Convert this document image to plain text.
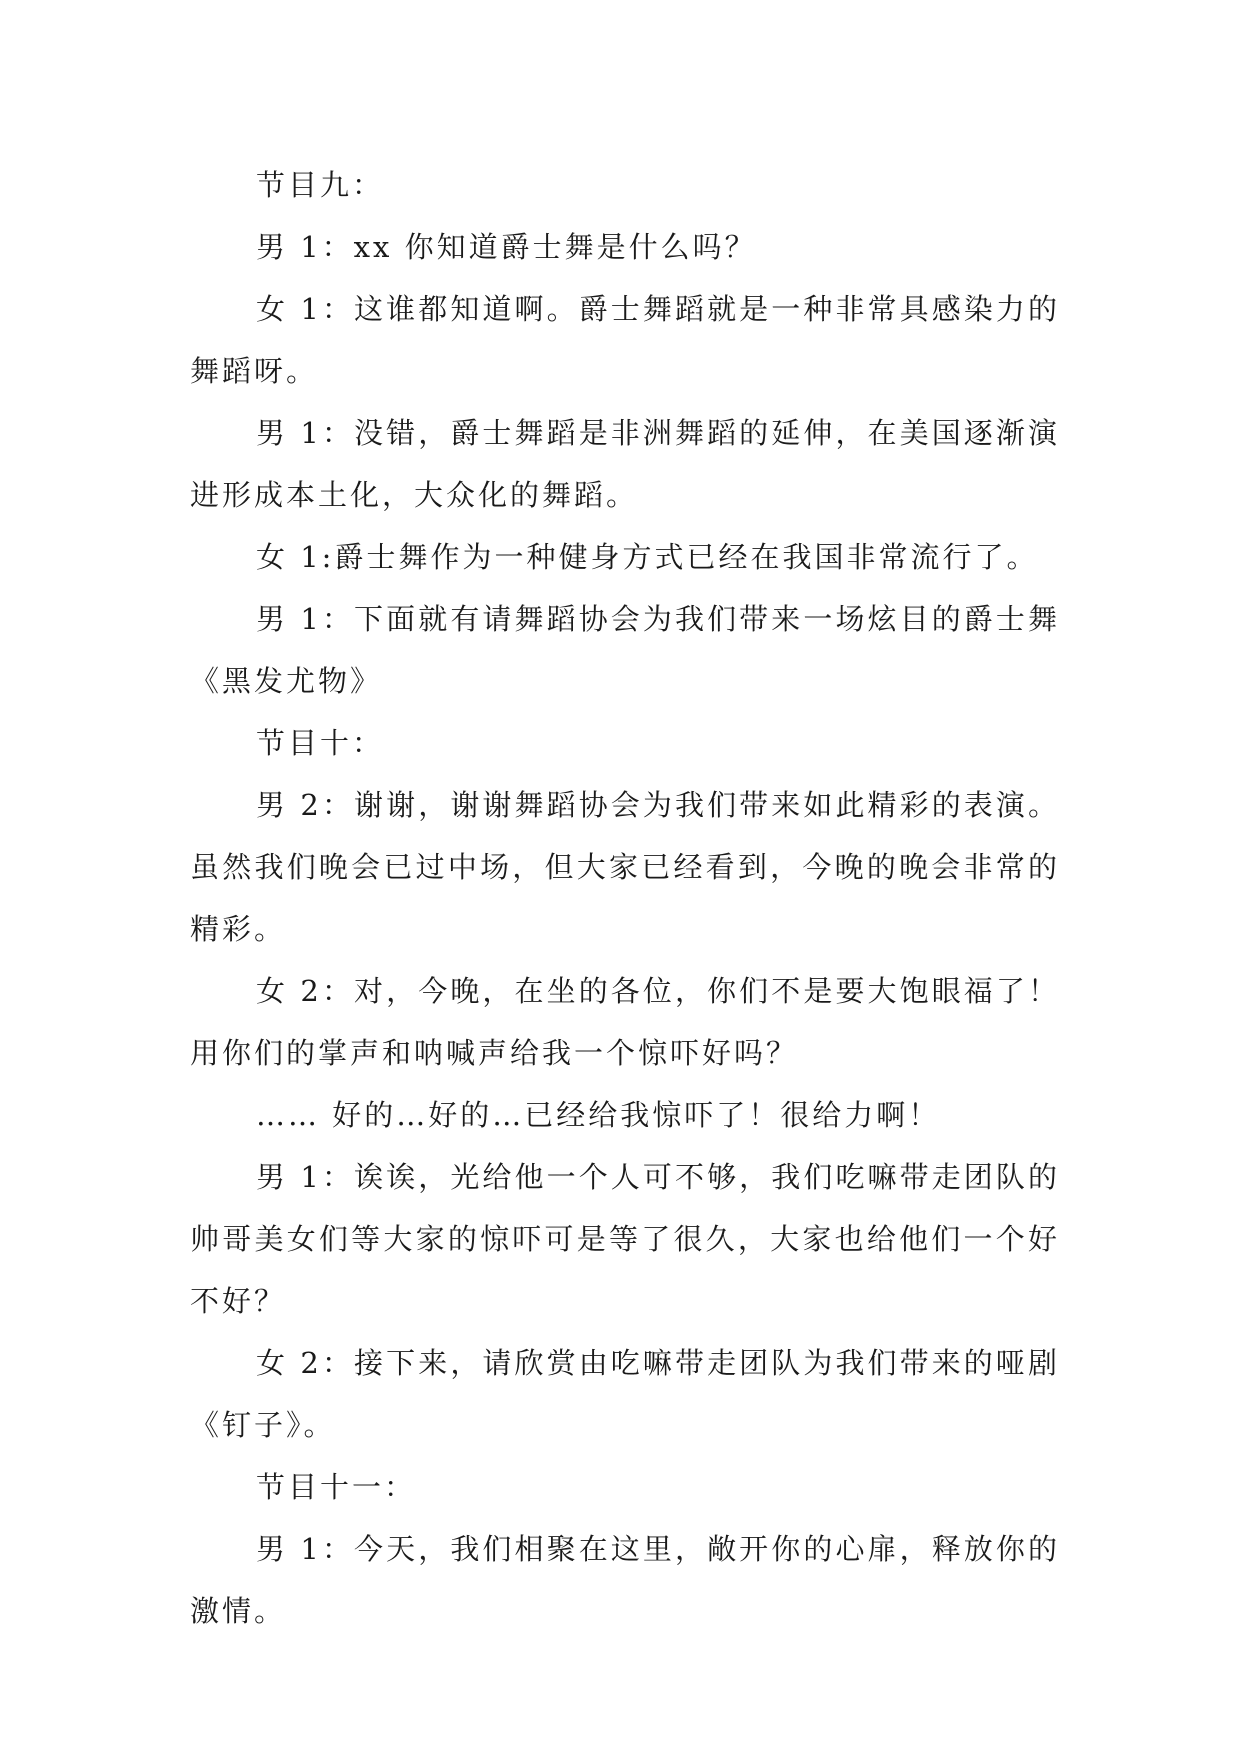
节目九：

男 1：xx 你知道爵士舞是什么吗？

女 1：这谁都知道啊。爵士舞蹈就是一种非常具感染力的舞蹈呀。

男 1：没错，爵士舞蹈是非洲舞蹈的延伸，在美国逐渐演进形成本土化，大众化的舞蹈。

女 1:爵士舞作为一种健身方式已经在我国非常流行了。

男 1：下面就有请舞蹈协会为我们带来一场炫目的爵士舞《黑发尤物》

节目十：

男 2：谢谢，谢谢舞蹈协会为我们带来如此精彩的表演。虽然我们晚会已过中场，但大家已经看到，今晚的晚会非常的精彩。

女 2：对，今晚，在坐的各位，你们不是要大饱眼福了！用你们的掌声和呐喊声给我一个惊吓好吗？

…… 好的…好的…已经给我惊吓了！很给力啊！

男 1：诶诶，光给他一个人可不够，我们吃嘛带走团队的帅哥美女们等大家的惊吓可是等了很久，大家也给他们一个好不好？

女 2：接下来，请欣赏由吃嘛带走团队为我们带来的哑剧《钉子》。

节目十一：

男 1：今天，我们相聚在这里，敞开你的心扉，释放你的激情。
